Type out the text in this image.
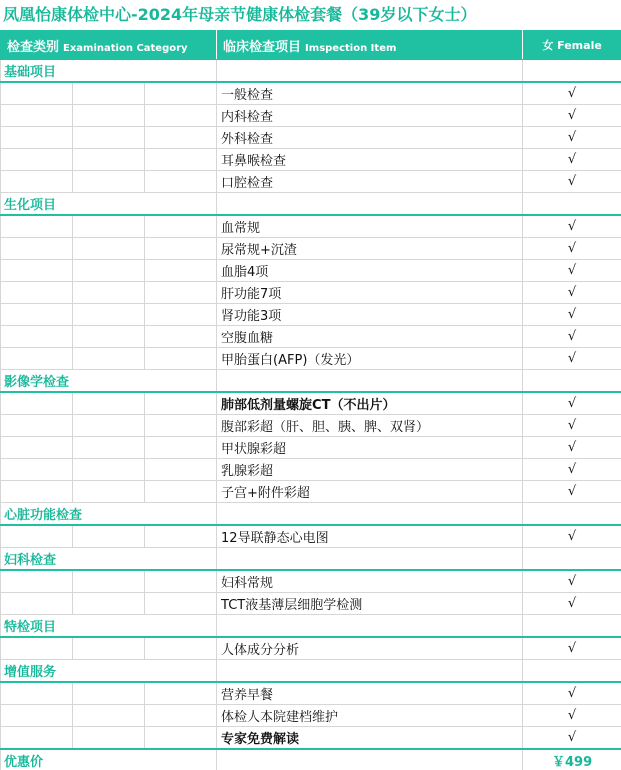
凤凰怡康体检中心-2024年母亲节健康体检套餐（39岁以下女士）
检查类别 Examination Category			临床检查项目 Imspection Item	女 Female
基础项目				
			一般检查	√
			内科检查	√
			外科检查	√
			耳鼻喉检查	√
			口腔检查	√
生化项目				
			血常规	√
			尿常规+沉渣	√
			血脂4项	√
			肝功能7项	√
			肾功能3项	√
			空腹血糖	√
			甲胎蛋白(AFP)（发光）	√
影像学检查				
			肺部低剂量螺旋CT（不出片）	√
			腹部彩超（肝、胆、胰、脾、双肾）	√
			甲状腺彩超	√
			乳腺彩超	√
			子宫+附件彩超	√
心脏功能检查				
			12导联静态心电图	√
妇科检查				
			妇科常规	√
			TCT液基薄层细胞学检测	√
特检项目				
			人体成分分析	√
增值服务				
			营养早餐	√
			体检人本院建档维护	√
			专家免费解读	√
优惠价				￥499
